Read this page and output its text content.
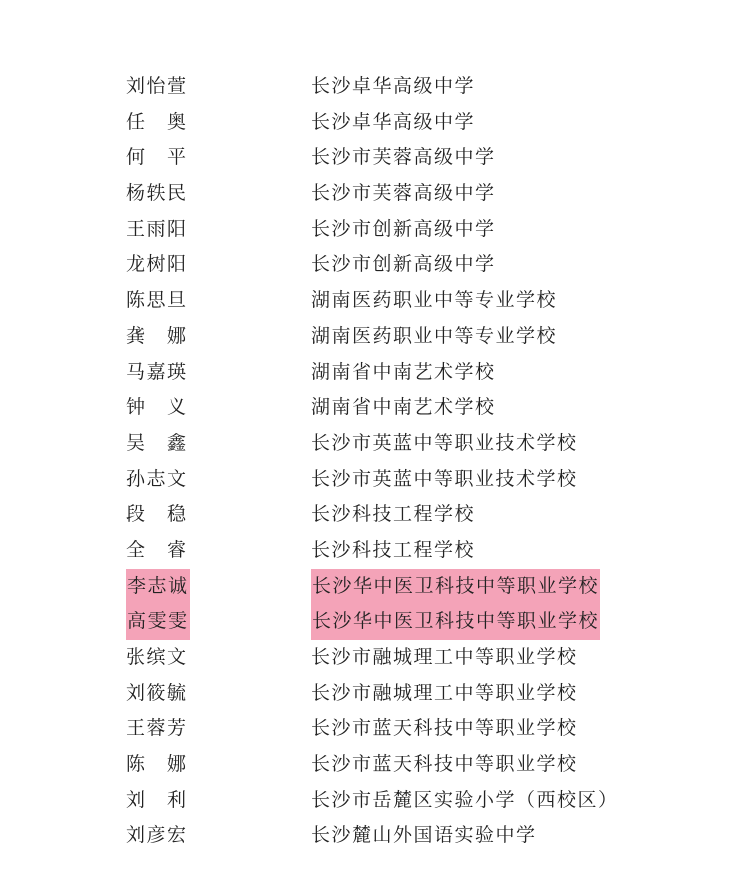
刘怡萱	长沙卓华高级中学
任　奥	长沙卓华高级中学
何　平	长沙市芙蓉高级中学
杨轶民	长沙市芙蓉高级中学
王雨阳	长沙市创新高级中学
龙树阳	长沙市创新高级中学
陈思旦	湖南医药职业中等专业学校
龚　娜	湖南医药职业中等专业学校
马嘉瑛	湖南省中南艺术学校
钟　义	湖南省中南艺术学校
吴　鑫	长沙市英蓝中等职业技术学校
孙志文	长沙市英蓝中等职业技术学校
段　稳	长沙科技工程学校
全　睿	长沙科技工程学校
李志诚	长沙华中医卫科技中等职业学校
高雯雯	长沙华中医卫科技中等职业学校
张缤文	长沙市融城理工中等职业学校
刘筱毓	长沙市融城理工中等职业学校
王蓉芳	长沙市蓝天科技中等职业学校
陈　娜	长沙市蓝天科技中等职业学校
刘　利	长沙市岳麓区实验小学（西校区）
刘彦宏	长沙麓山外国语实验中学
